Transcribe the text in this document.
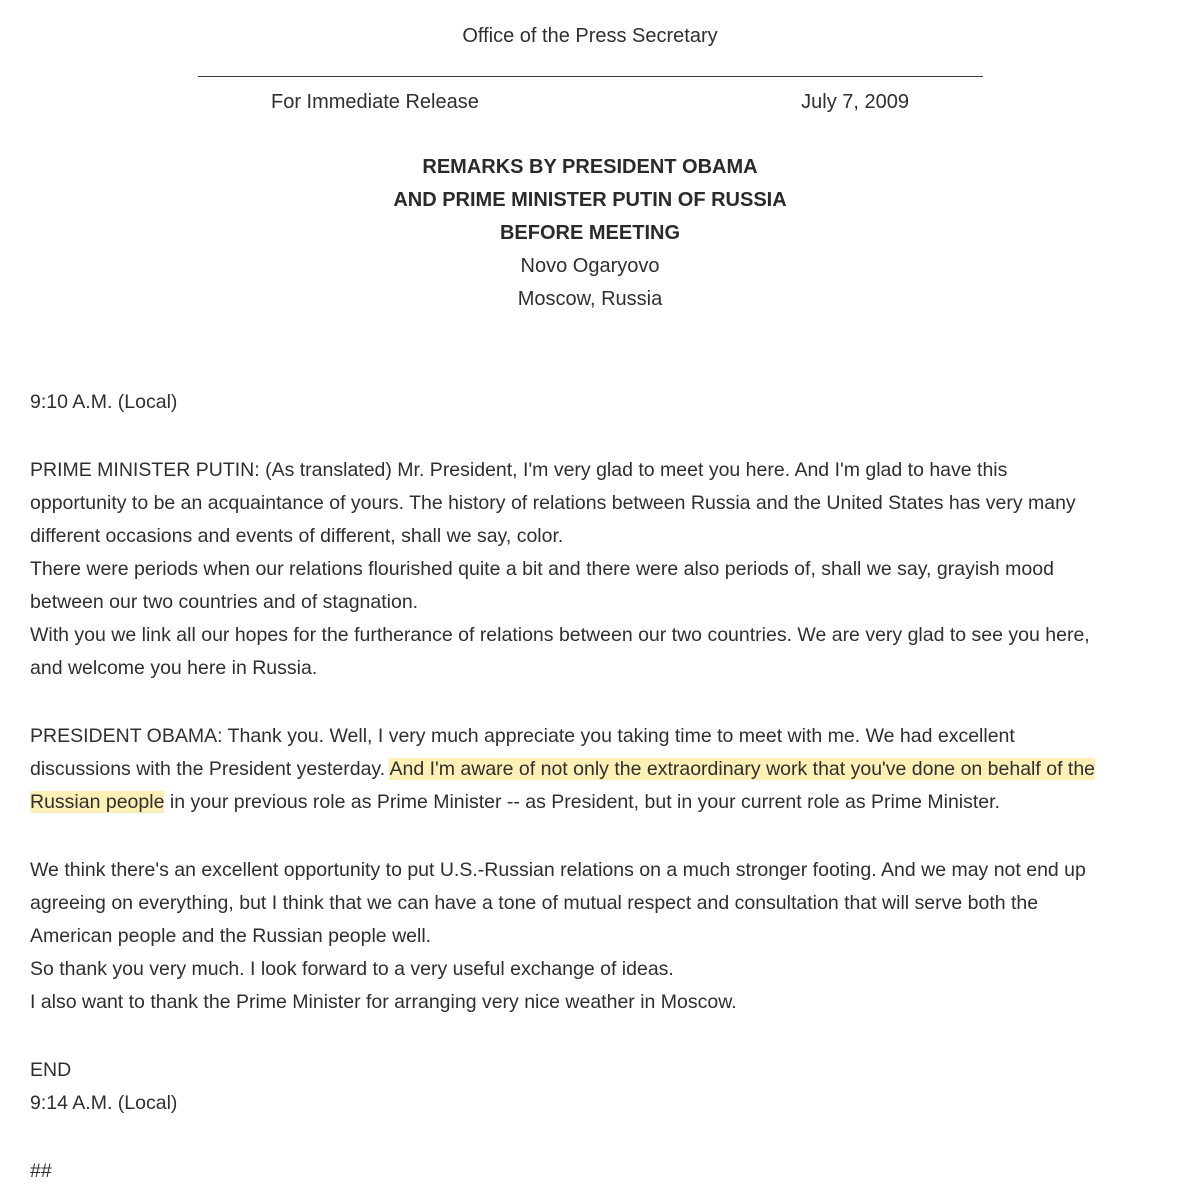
Office of the Press Secretary
For Immediate Release	July 7, 2009
REMARKS BY PRESIDENT OBAMA
AND PRIME MINISTER PUTIN OF RUSSIA
BEFORE MEETING
Novo Ogaryovo
Moscow, Russia
9:10 A.M. (Local)
PRIME MINISTER PUTIN: (As translated) Mr. President, I'm very glad to meet you here. And I'm glad to have this
opportunity to be an acquaintance of yours. The history of relations between Russia and the United States has very many
different occasions and events of different, shall we say, color.
There were periods when our relations flourished quite a bit and there were also periods of, shall we say, grayish mood
between our two countries and of stagnation.
With you we link all our hopes for the furtherance of relations between our two countries. We are very glad to see you here,
and welcome you here in Russia.
PRESIDENT OBAMA: Thank you. Well, I very much appreciate you taking time to meet with me. We had excellent
discussions with the President yesterday. And I'm aware of not only the extraordinary work that you've done on behalf of the
Russian people in your previous role as Prime Minister -- as President, but in your current role as Prime Minister.
We think there's an excellent opportunity to put U.S.-Russian relations on a much stronger footing. And we may not end up
agreeing on everything, but I think that we can have a tone of mutual respect and consultation that will serve both the
American people and the Russian people well.
So thank you very much. I look forward to a very useful exchange of ideas.
I also want to thank the Prime Minister for arranging very nice weather in Moscow.
END
9:14 A.M. (Local)
##
